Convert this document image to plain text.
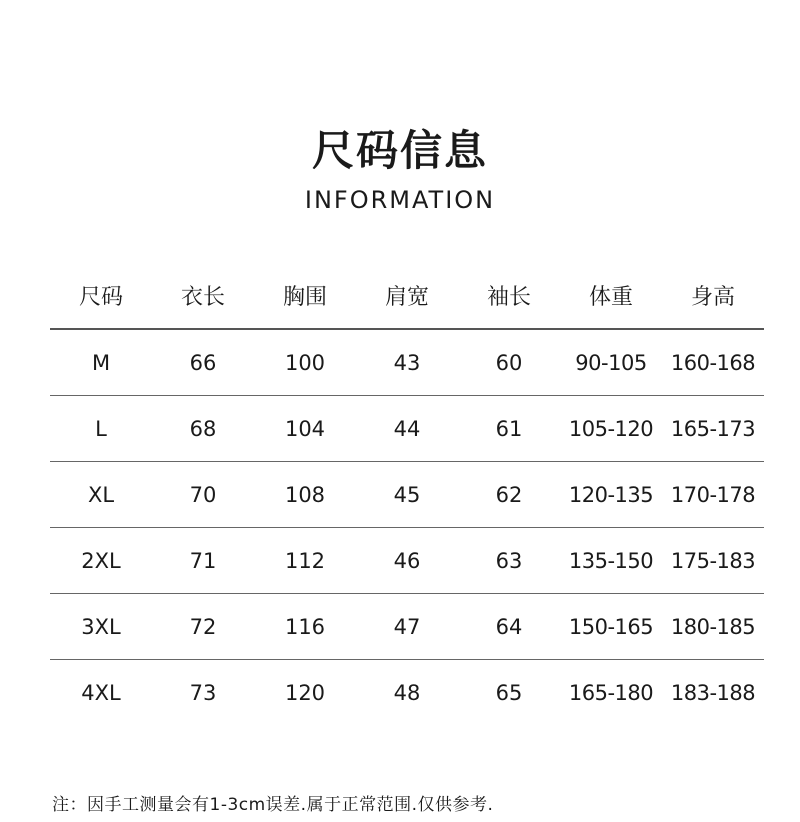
尺码信息
INFORMATION
尺码	衣长	胸围	肩宽	袖长	体重	身高
M	66	100	43	60	90-105	160-168
L	68	104	44	61	105-120	165-173
XL	70	108	45	62	120-135	170-178
2XL	71	112	46	63	135-150	175-183
3XL	72	116	47	64	150-165	180-185
4XL	73	120	48	65	165-180	183-188
注：因手工测量会有1-3cm误差.属于正常范围.仅供参考.
